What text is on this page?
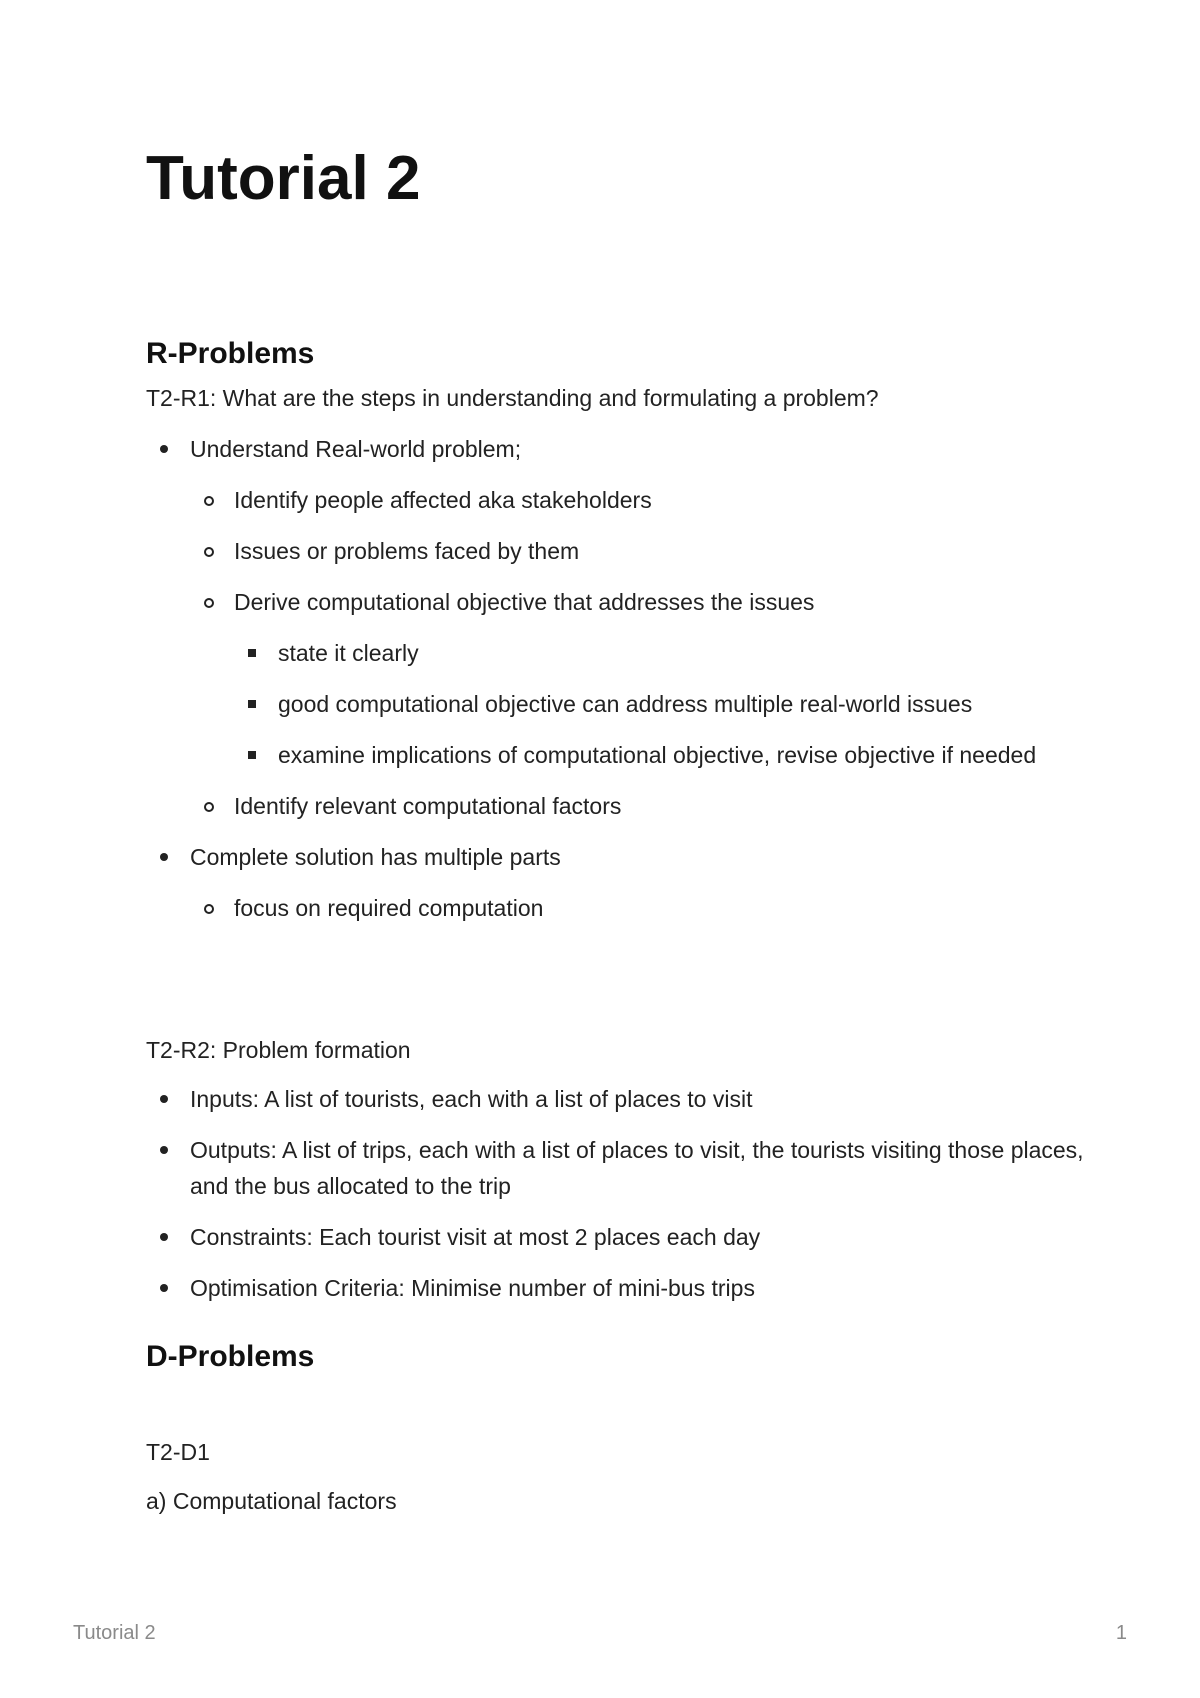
Tutorial 2
R-Problems

T2-R1: What are the steps in understanding and formulating a problem?

Understand Real-world problem;
Identify people affected aka stakeholders
Issues or problems faced by them
Derive computational objective that addresses the issues
state it clearly
good computational objective can address multiple real-world issues
examine implications of computational objective, revise objective if needed
Identify relevant computational factors
Complete solution has multiple parts
focus on required computation

T2-R2: Problem formation

Inputs: A list of tourists, each with a list of places to visit
Outputs: A list of trips, each with a list of places to visit, the tourists visiting those places, and the bus allocated to the trip
Constraints: Each tourist visit at most 2 places each day
Optimisation Criteria: Minimise number of mini-bus trips
D-Problems

T2-D1

a) Computational factors

Tutorial 2	1
